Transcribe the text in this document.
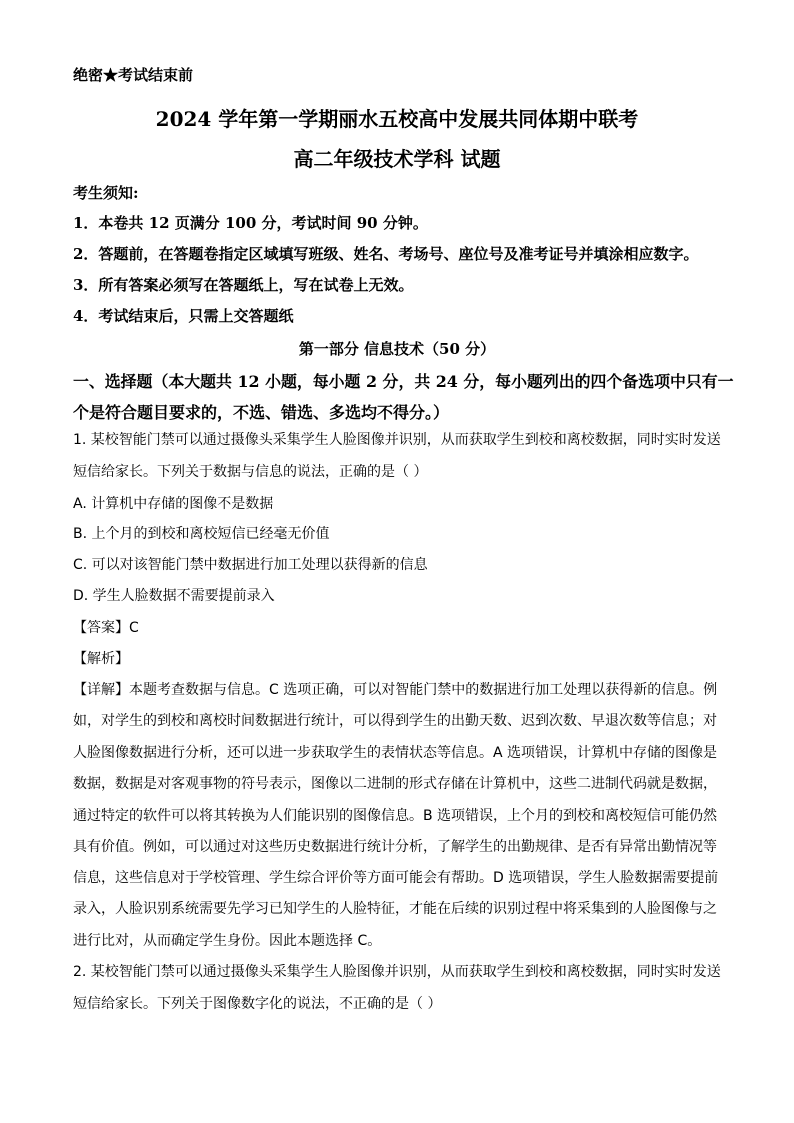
绝密★考试结束前
2024 学年第一学期丽水五校高中发展共同体期中联考
高二年级技术学科 试题
考生须知:
1．本卷共 12 页满分 100 分，考试时间 90 分钟。
2．答题前，在答题卷指定区域填写班级、姓名、考场号、座位号及准考证号并填涂相应数字。
3．所有答案必须写在答题纸上，写在试卷上无效。
4．考试结束后，只需上交答题纸
第一部分 信息技术（50 分）
一、选择题（本大题共 12 小题，每小题 2 分，共 24 分，每小题列出的四个备选项中只有一
个是符合题目要求的，不选、错选、多选均不得分。）
1. 某校智能门禁可以通过摄像头采集学生人脸图像并识别，从而获取学生到校和离校数据，同时实时发送
短信给家长。下列关于数据与信息的说法，正确的是（ ）
A. 计算机中存储的图像不是数据
B. 上个月的到校和离校短信已经毫无价值
C. 可以对该智能门禁中数据进行加工处理以获得新的信息
D. 学生人脸数据不需要提前录入
【答案】C
【解析】
【详解】本题考查数据与信息。C 选项正确，可以对智能门禁中的数据进行加工处理以获得新的信息。例
如，对学生的到校和离校时间数据进行统计，可以得到学生的出勤天数、迟到次数、早退次数等信息；对
人脸图像数据进行分析，还可以进一步获取学生的表情状态等信息。A 选项错误，计算机中存储的图像是
数据，数据是对客观事物的符号表示，图像以二进制的形式存储在计算机中，这些二进制代码就是数据，
通过特定的软件可以将其转换为人们能识别的图像信息。B 选项错误，上个月的到校和离校短信可能仍然
具有价值。例如，可以通过对这些历史数据进行统计分析，了解学生的出勤规律、是否有异常出勤情况等
信息，这些信息对于学校管理、学生综合评价等方面可能会有帮助。D 选项错误，学生人脸数据需要提前
录入，人脸识别系统需要先学习已知学生的人脸特征，才能在后续的识别过程中将采集到的人脸图像与之
进行比对，从而确定学生身份。因此本题选择 C。
2. 某校智能门禁可以通过摄像头采集学生人脸图像并识别，从而获取学生到校和离校数据，同时实时发送
短信给家长。下列关于图像数字化的说法，不正确的是（ ）
